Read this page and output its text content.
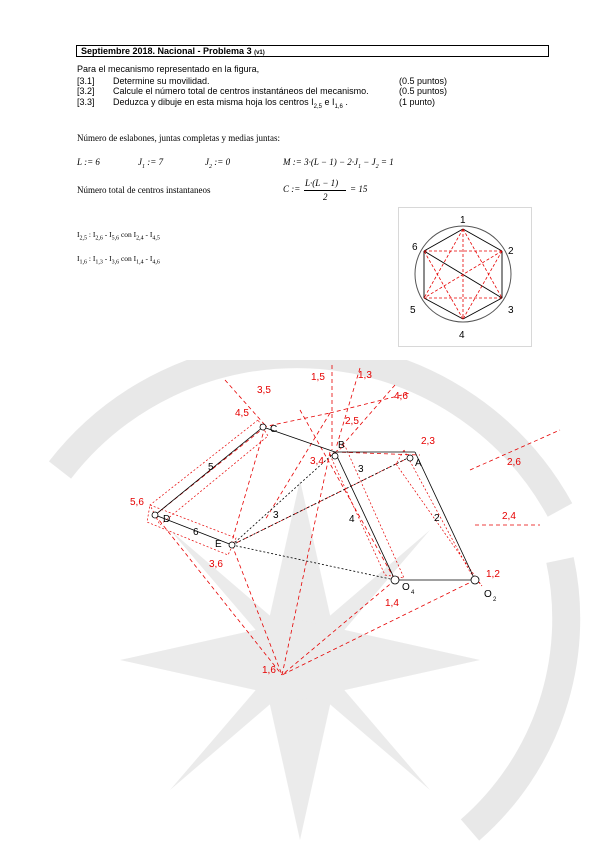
Septiembre 2018. Nacional - Problema 3 (v1)
Para el mecanismo representado en la figura,
[3.1] Determine su movilidad.	(0.5 puntos)
[3.2] Calcule el número total de centros instantáneos del mecanismo.	(0.5 puntos)
[3.3] Deduzca y dibuje en esta misma hoja los centros $I_{2,5}$ e $I_{1,6}$ .	(1 punto)
Número de eslabones, juntas completas y medias juntas:
L := 6	$J_1$ := 7	$J_2$ := 0	M := $3\cdot(L - 1) - 2\cdot J_1 - J_2 = 1$
Número total de centros instantaneos	C :=
L·(L − 1)
2
= 15
$I_{2,5}$ : $I_{2,6} - I_{5,6}$ con $I_{2,4} - I_{4,5}$
$I_{1,6}$ : $I_{1,3} - I_{3,6}$ con $I_{1,4} - I_{4,6}$
1
2
3
4
5
6
C
B
A
D
E
O 4	O 2
5
6
3
3
4	2
3,5
1,5	1,3
4,6
4,5
2,5
2,3
3,4	2,6
5,6
2,4
3,6
1,4
1,2
1,6
